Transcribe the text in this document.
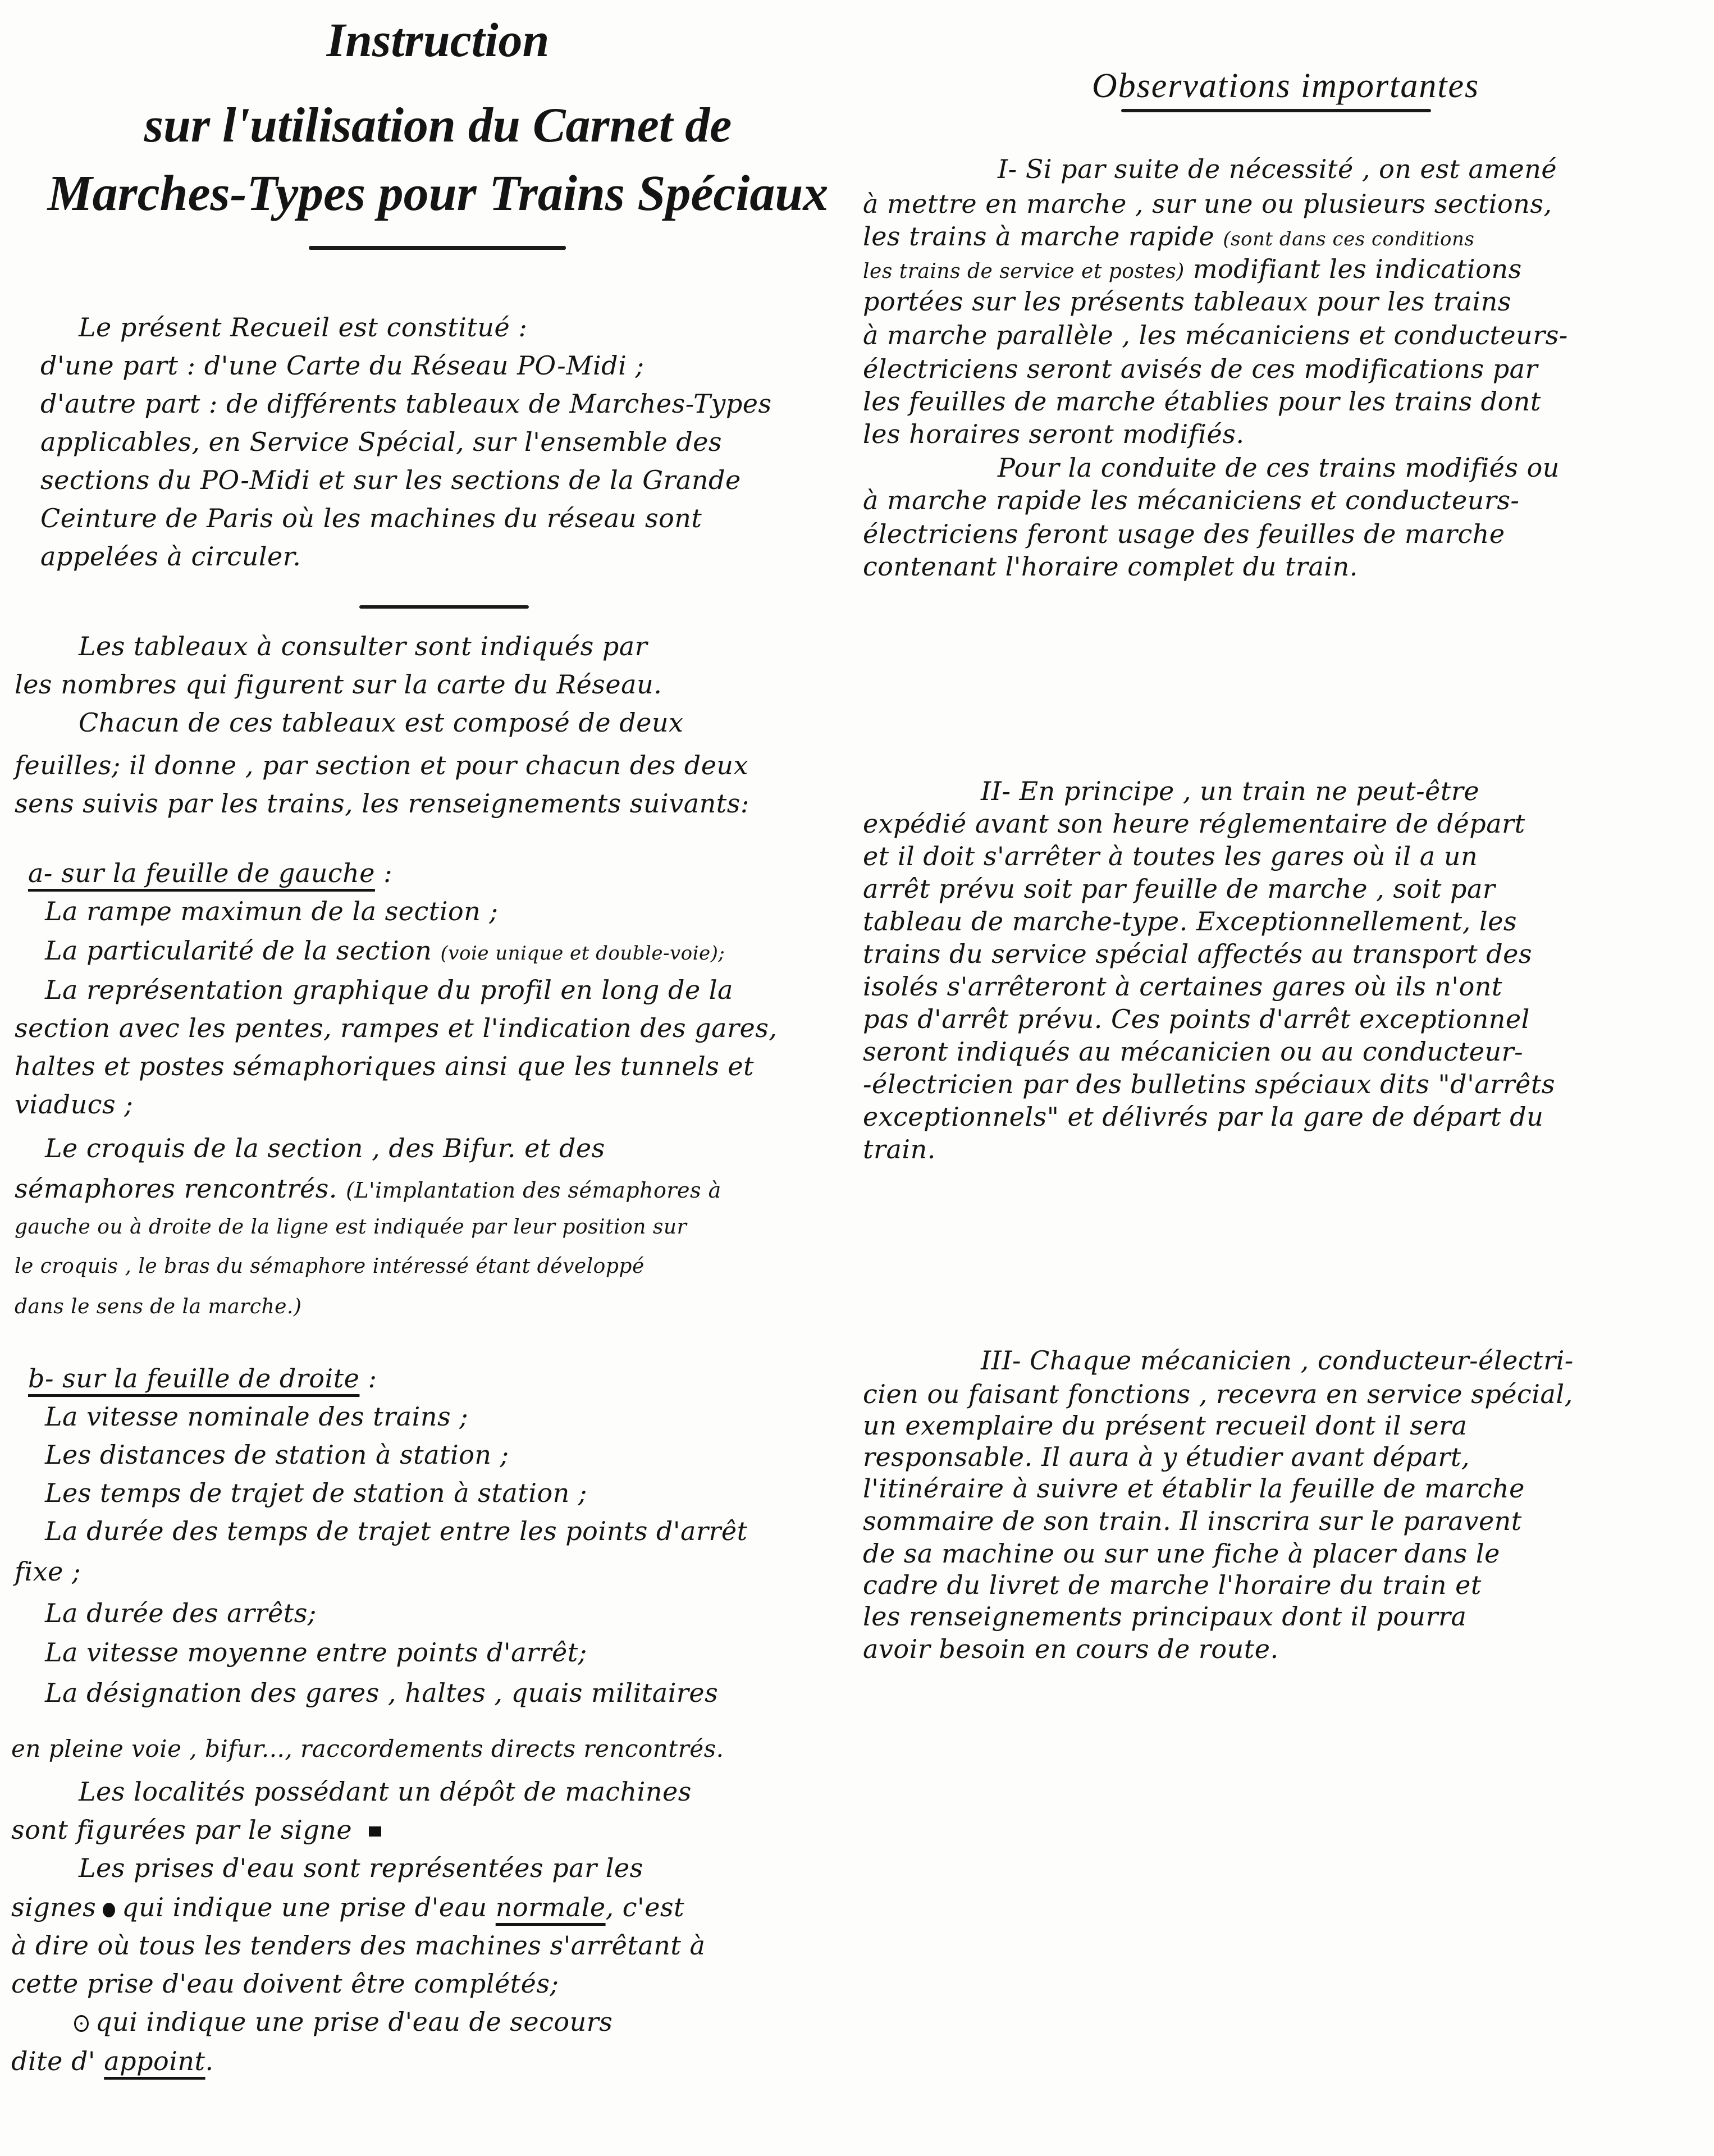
Instruction
sur l'utilisation du Carnet de
Marches-Types pour Trains Spéciaux
Le présent Recueil est constitué :
d'une part : d'une Carte du Réseau PO-Midi ;
d'autre part : de différents tableaux de Marches-Types
applicables, en Service Spécial, sur l'ensemble des
sections du PO-Midi et sur les sections de la Grande
Ceinture de Paris où les machines du réseau sont
appelées à circuler.
Les tableaux à consulter sont indiqués par
les nombres qui figurent sur la carte du Réseau.
Chacun de ces tableaux est composé de deux
feuilles; il donne , par section et pour chacun des deux
sens suivis par les trains, les renseignements suivants:
a- sur la feuille de gauche :
La rampe maximun de la section ;
La particularité de la section (voie unique et double-voie);
La représentation graphique du profil en long de la
section avec les pentes, rampes et l'indication des gares,
haltes et postes sémaphoriques ainsi que les tunnels et
viaducs ;
Le croquis de la section , des Bifur. et des
sémaphores rencontrés. (L'implantation des sémaphores à
gauche ou à droite de la ligne est indiquée par leur position sur
le croquis , le bras du sémaphore intéressé étant développé
dans le sens de la marche.)
b- sur la feuille de droite :
La vitesse nominale des trains ;
Les distances de station à station ;
Les temps de trajet de station à station ;
La durée des temps de trajet entre les points d'arrêt
fixe ;
La durée des arrêts;
La vitesse moyenne entre points d'arrêt;
La désignation des gares , haltes , quais militaires
en pleine voie , bifur..., raccordements directs rencontrés.
Les localités possédant un dépôt de machines
sont figurées par le signe
Les prises d'eau sont représentées par les
signes qui indique une prise d'eau normale, c'est
à dire où tous les tenders des machines s'arrêtant à
cette prise d'eau doivent être complétés;
qui indique une prise d'eau de secours
dite d' appoint.
Observations importantes
I- Si par suite de nécessité , on est amené
à mettre en marche , sur une ou plusieurs sections,
les trains à marche rapide (sont dans ces conditions
les trains de service et postes) modifiant les indications
portées sur les présents tableaux pour les trains
à marche parallèle , les mécaniciens et conducteurs-
électriciens seront avisés de ces modifications par
les feuilles de marche établies pour les trains dont
les horaires seront modifiés.
Pour la conduite de ces trains modifiés ou
à marche rapide les mécaniciens et conducteurs-
électriciens feront usage des feuilles de marche
contenant l'horaire complet du train.
II- En principe , un train ne peut-être
expédié avant son heure réglementaire de départ
et il doit s'arrêter à toutes les gares où il a un
arrêt prévu soit par feuille de marche , soit par
tableau de marche-type. Exceptionnellement, les
trains du service spécial affectés au transport des
isolés s'arrêteront à certaines gares où ils n'ont
pas d'arrêt prévu. Ces points d'arrêt exceptionnel
seront indiqués au mécanicien ou au conducteur-
-électricien par des bulletins spéciaux dits "d'arrêts
exceptionnels" et délivrés par la gare de départ du
train.
III- Chaque mécanicien , conducteur-électri-
cien ou faisant fonctions , recevra en service spécial,
un exemplaire du présent recueil dont il sera
responsable. Il aura à y étudier avant départ,
l'itinéraire à suivre et établir la feuille de marche
sommaire de son train. Il inscrira sur le paravent
de sa machine ou sur une fiche à placer dans le
cadre du livret de marche l'horaire du train et
les renseignements principaux dont il pourra
avoir besoin en cours de route.
